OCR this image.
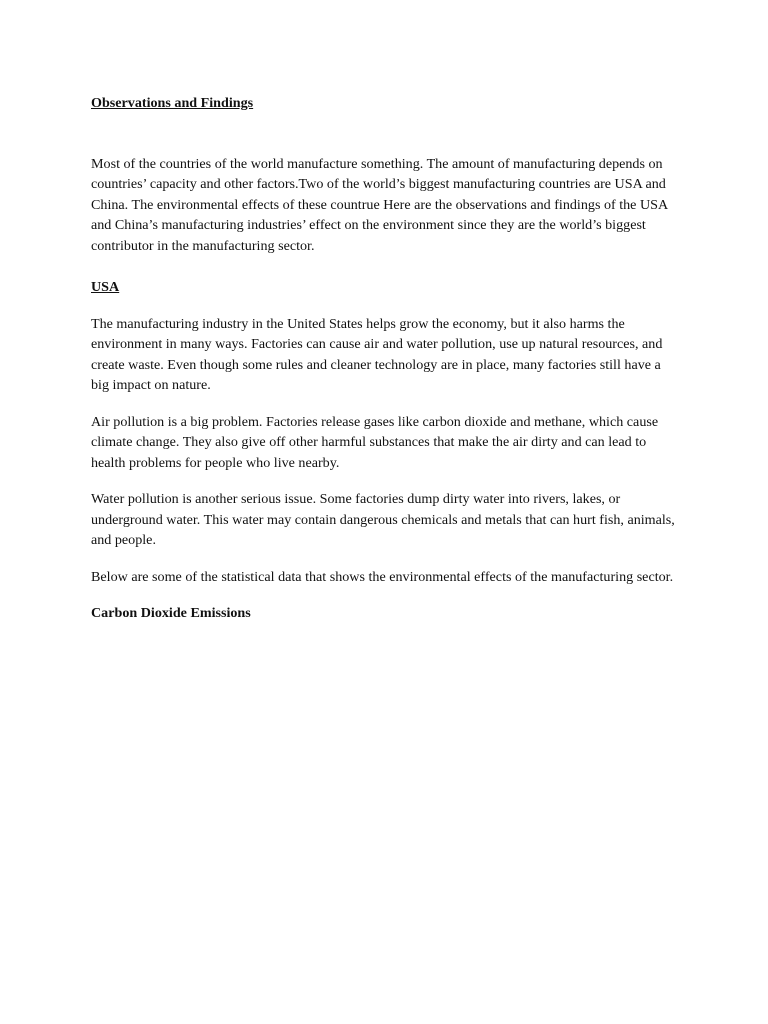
Observations and Findings

Most of the countries of the world manufacture something. The amount of manufacturing depends on countries’ capacity and other factors.Two of the world’s biggest manufacturing countries are USA and China. The environmental effects of these countrue Here are the observations and findings of the USA and China’s manufacturing industries’ effect on the environment since they are the world’s biggest contributor in the manufacturing sector.

USA

The manufacturing industry in the United States helps grow the economy, but it also harms the environment in many ways. Factories can cause air and water pollution, use up natural resources, and create waste. Even though some rules and cleaner technology are in place, many factories still have a big impact on nature.

Air pollution is a big problem. Factories release gases like carbon dioxide and methane, which cause climate change. They also give off other harmful substances that make the air dirty and can lead to health problems for people who live nearby.

Water pollution is another serious issue. Some factories dump dirty water into rivers, lakes, or underground water. This water may contain dangerous chemicals and metals that can hurt fish, animals, and people.

Below are some of the statistical data that shows the environmental effects of the manufacturing sector.

Carbon Dioxide Emissions
